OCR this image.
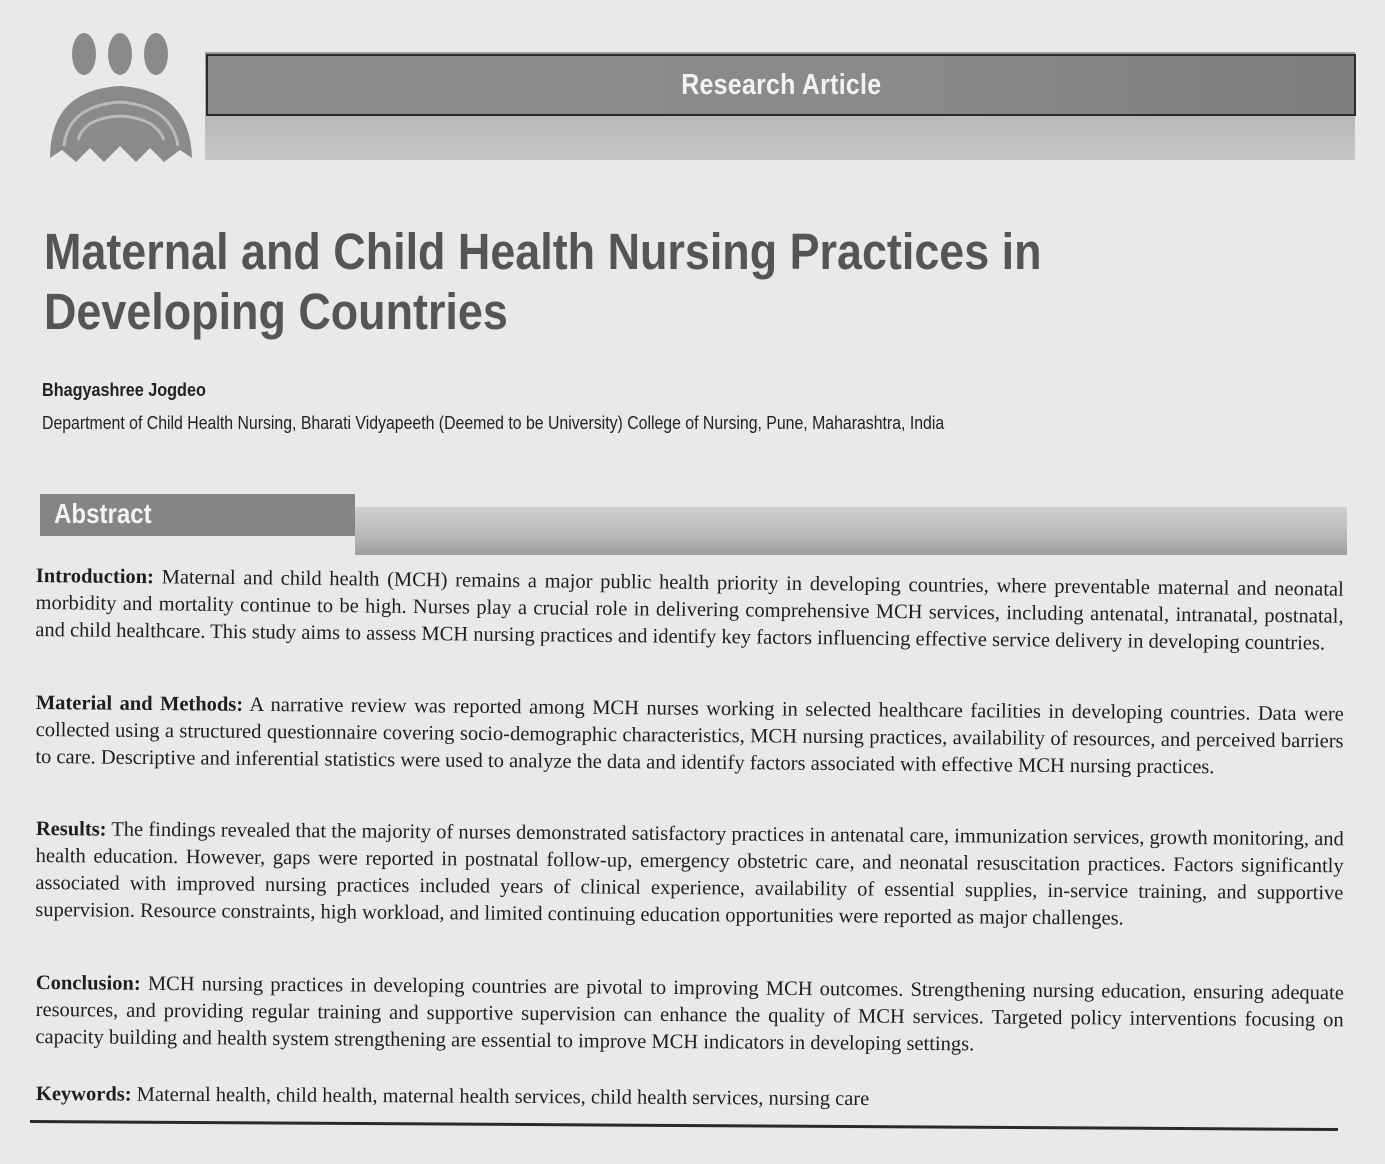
Research Article
Maternal and Child Health Nursing Practices in Developing Countries
Bhagyashree Jogdeo
Department of Child Health Nursing, Bharati Vidyapeeth (Deemed to be University) College of Nursing, Pune, Maharashtra, India
Abstract

Introduction: Maternal and child health (MCH) remains a major public health priority in developing countries, where preventable maternal and neonatal morbidity and mortality continue to be high. Nurses play a crucial role in delivering comprehensive MCH services, including antenatal, intranatal, postnatal, and child healthcare. This study aims to assess MCH nursing practices and identify key factors influencing effective service delivery in developing countries.

Material and Methods: A narrative review was reported among MCH nurses working in selected healthcare facilities in developing countries. Data were collected using a structured questionnaire covering socio-demographic characteristics, MCH nursing practices, availability of resources, and perceived barriers to care. Descriptive and inferential statistics were used to analyze the data and identify factors associated with effective MCH nursing practices.

Results: The findings revealed that the majority of nurses demonstrated satisfactory practices in antenatal care, immunization services, growth monitoring, and health education. However, gaps were reported in postnatal follow-up, emergency obstetric care, and neonatal resuscitation practices. Factors significantly associated with improved nursing practices included years of clinical experience, availability of essential supplies, in-service training, and supportive supervision. Resource constraints, high workload, and limited continuing education opportunities were reported as major challenges.

Conclusion: MCH nursing practices in developing countries are pivotal to improving MCH outcomes. Strengthening nursing education, ensuring adequate resources, and providing regular training and supportive supervision can enhance the quality of MCH services. Targeted policy interventions focusing on capacity building and health system strengthening are essential to improve MCH indicators in developing settings.

Keywords: Maternal health, child health, maternal health services, child health services, nursing care
